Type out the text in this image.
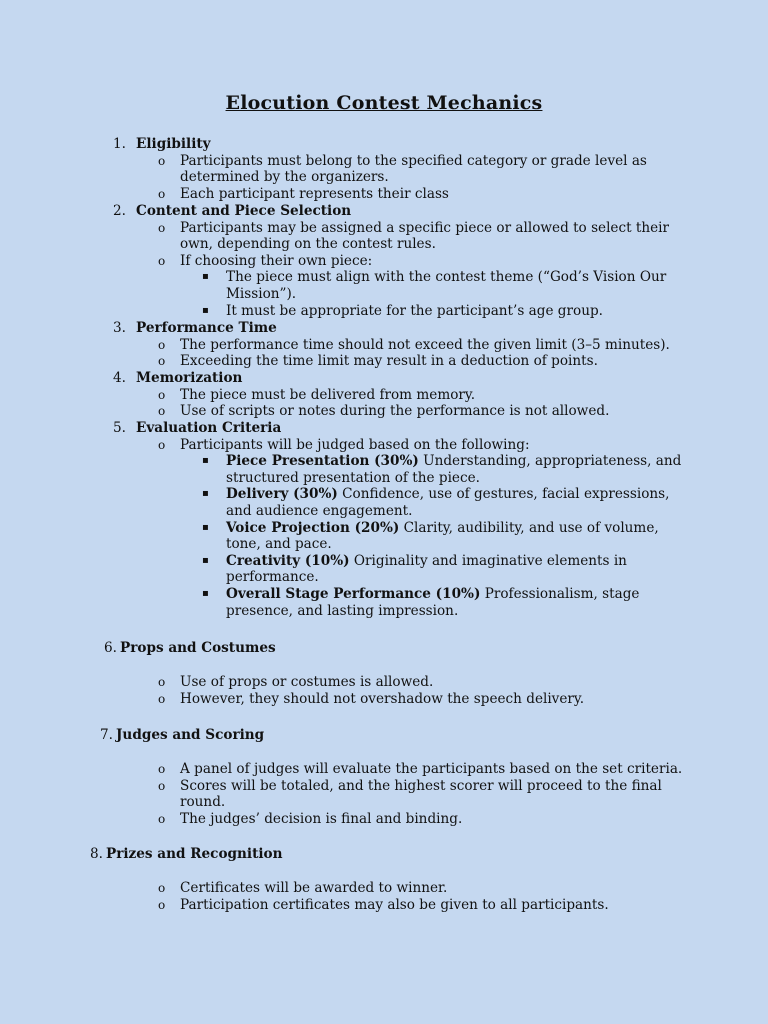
Elocution Contest Mechanics
1. Eligibility
o Participants must belong to the specified category or grade level as
determined by the organizers.
o Each participant represents their class
2. Content and Piece Selection
o Participants may be assigned a specific piece or allowed to select their
own, depending on the contest rules.
o If choosing their own piece:
▪ The piece must align with the contest theme (“God’s Vision Our
Mission”).
▪ It must be appropriate for the participant’s age group.
3. Performance Time
o The performance time should not exceed the given limit (3–5 minutes).
o Exceeding the time limit may result in a deduction of points.
4. Memorization
o The piece must be delivered from memory.
o Use of scripts or notes during the performance is not allowed.
5. Evaluation Criteria
o Participants will be judged based on the following:
▪ Piece Presentation (30%) Understanding, appropriateness, and
structured presentation of the piece.
▪ Delivery (30%) Confidence, use of gestures, facial expressions,
and audience engagement.
▪ Voice Projection (20%) Clarity, audibility, and use of volume,
tone, and pace.
▪ Creativity (10%) Originality and imaginative elements in
performance.
▪ Overall Stage Performance (10%) Professionalism, stage
presence, and lasting impression.
6. Props and Costumes
o Use of props or costumes is allowed.
o However, they should not overshadow the speech delivery.
7. Judges and Scoring
o A panel of judges will evaluate the participants based on the set criteria.
o Scores will be totaled, and the highest scorer will proceed to the final
round.
o The judges’ decision is final and binding.
8. Prizes and Recognition
o Certificates will be awarded to winner.
o Participation certificates may also be given to all participants.
